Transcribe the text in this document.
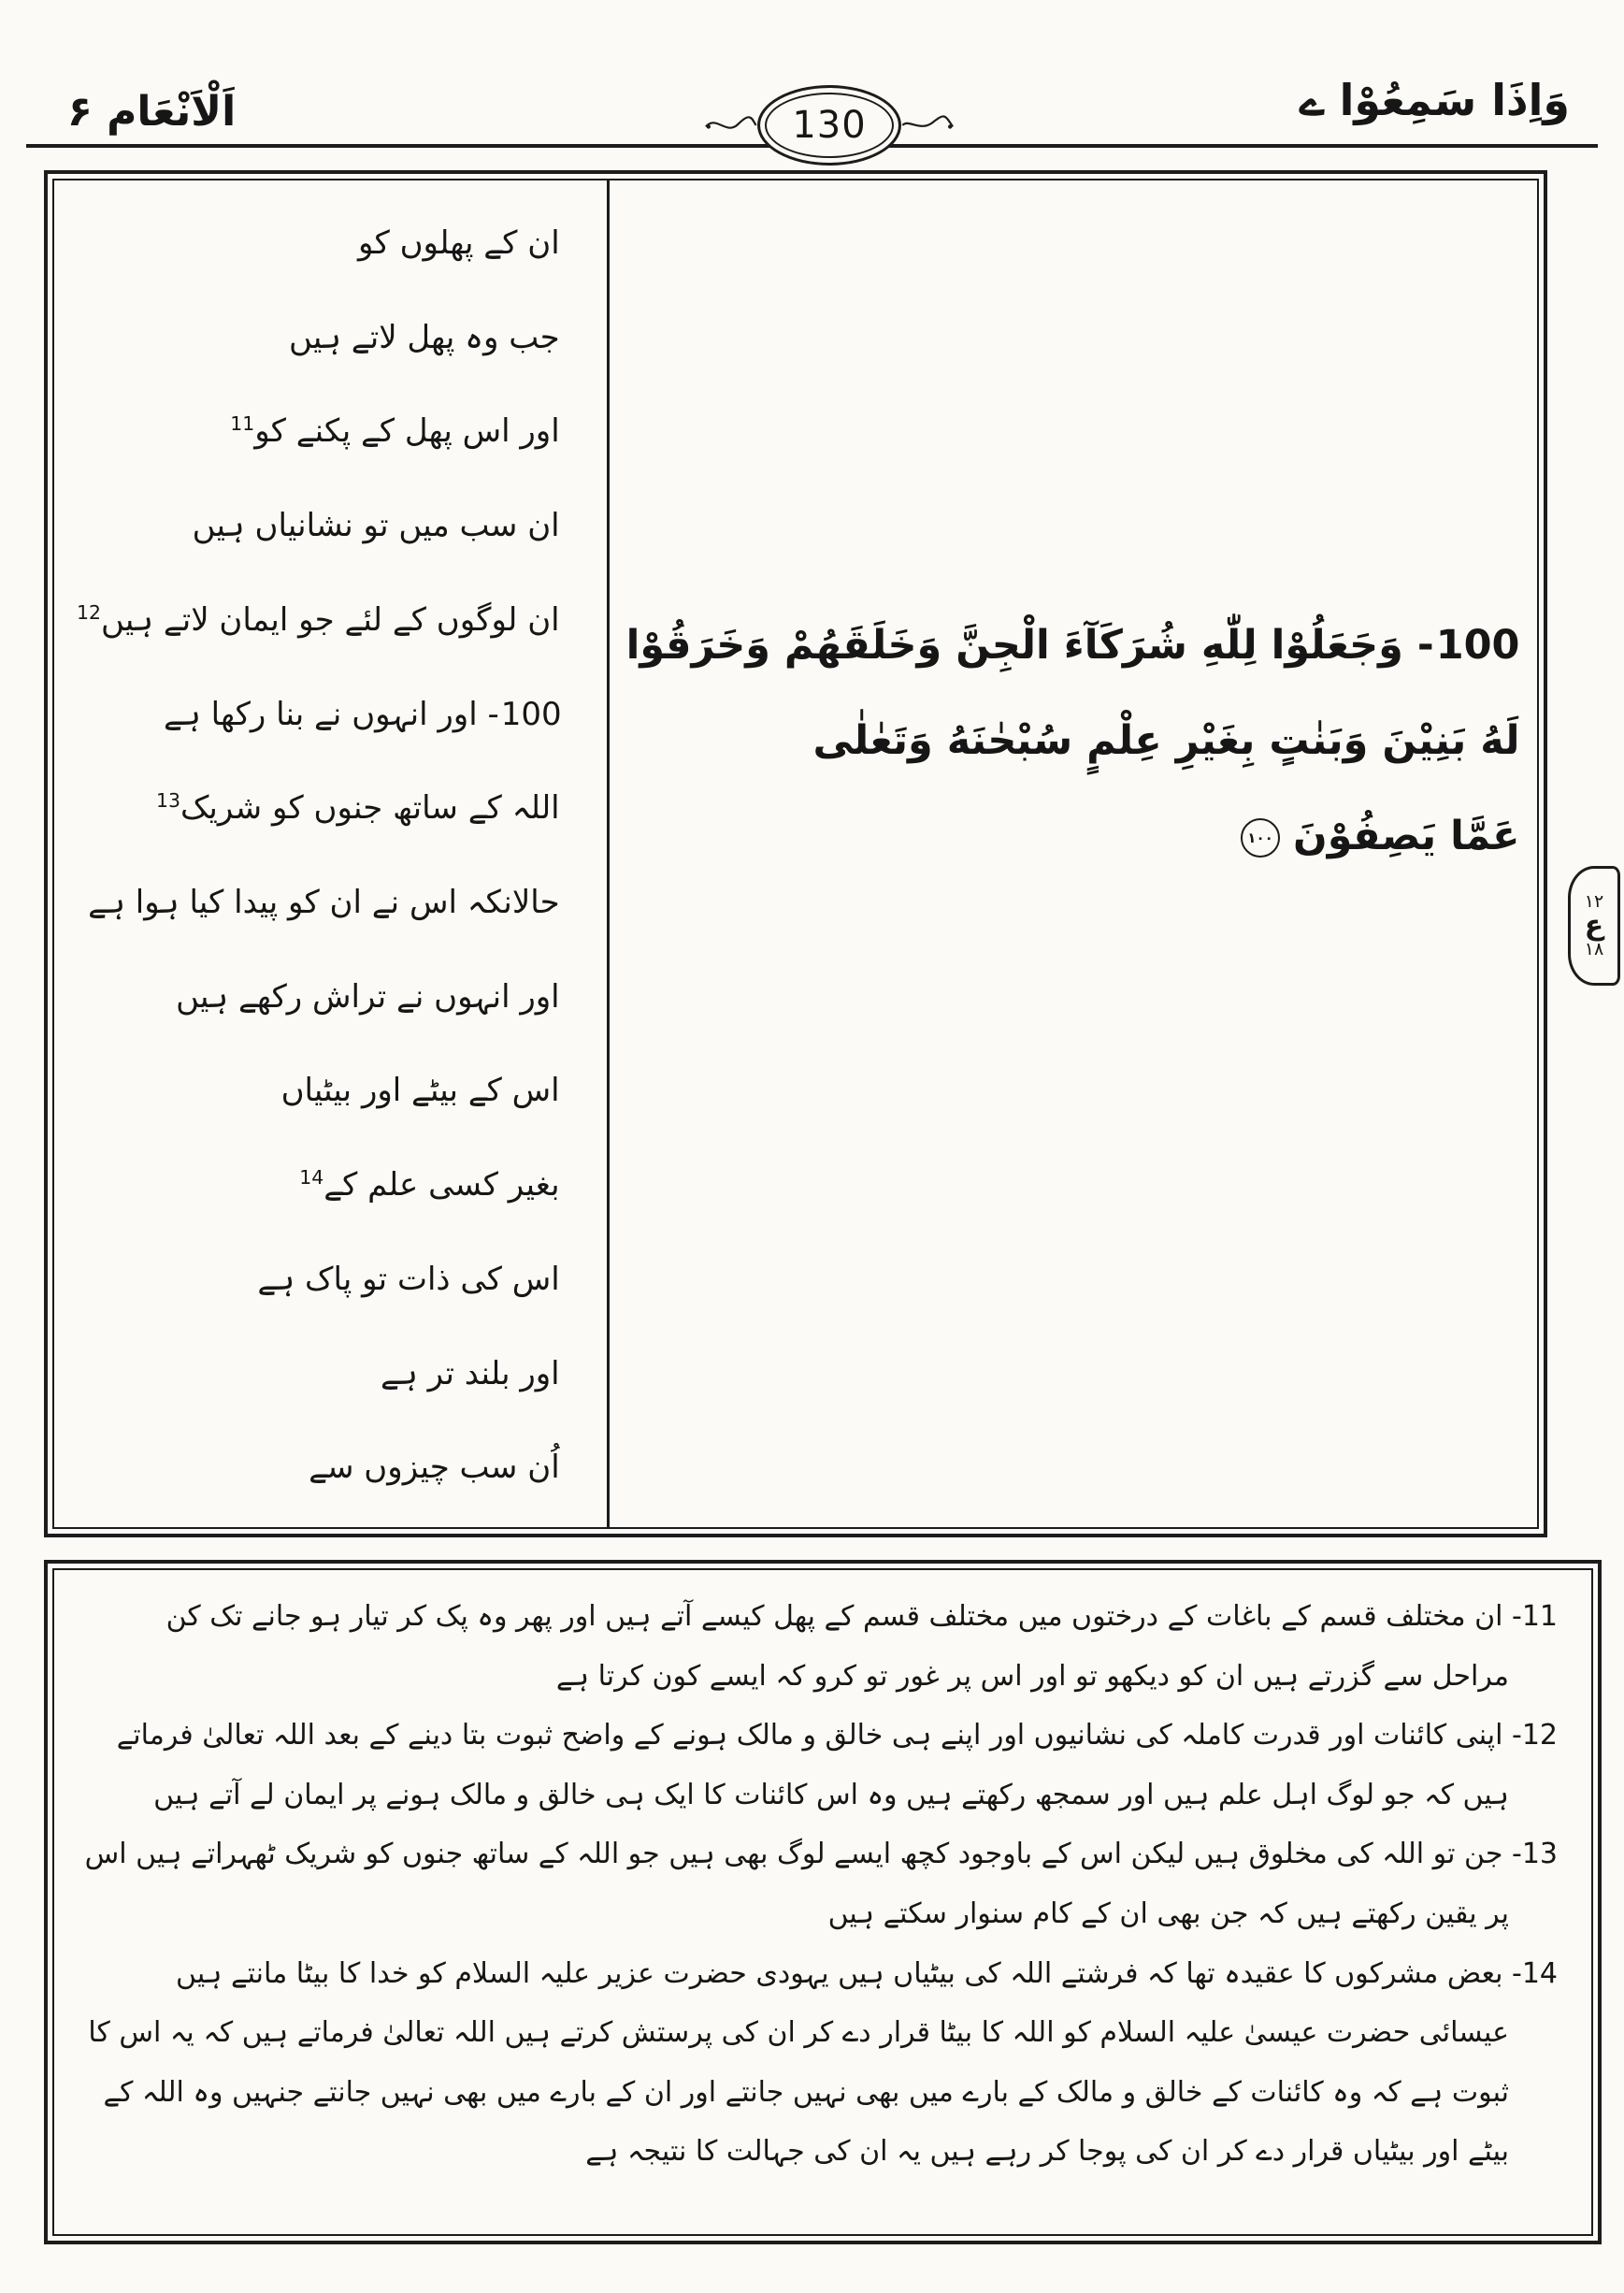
اَلْاَنْعَام ۶	وَاِذَا سَمِعُوْا ے
130
ان کے پھلوں کو
جب وہ پھل لاتے ہیں
اور اس پھل کے پکنے کو$^{11}$
ان سب میں تو نشانیاں ہیں
ان لوگوں کے لئے جو ایمان لاتے ہیں$^{12}$
100- اور انہوں نے بنا رکھا ہے
اللہ کے ساتھ جنوں کو شریک$^{13}$
حالانکہ اس نے ان کو پیدا کیا ہوا ہے
اور انہوں نے تراش رکھے ہیں
اس کے بیٹے اور بیٹیاں
بغیر کسی علم کے$^{14}$
اس کی ذات تو پاک ہے
اور بلند تر ہے
اُن سب چیزوں سے
100- وَجَعَلُوْا لِلّٰهِ شُرَكَآءَ الْجِنَّ وَخَلَقَهُمْ وَخَرَقُوْا
لَهُ بَنِيْنَ وَبَنٰتٍ بِغَيْرِ عِلْمٍ سُبْحٰنَهُ وَتَعٰلٰى
عَمَّا يَصِفُوْنَ
۱۰۰
۱۲
ع
۱۸

11- ان مختلف قسم کے باغات کے درختوں میں مختلف قسم کے پھل کیسے آتے ہیں اور پھر وہ پک کر تیار ہو جانے تک کن مراحل سے گزرتے ہیں ان کو دیکھو تو اور اس پر غور تو کرو کہ ایسے کون کرتا ہے

12- اپنی کائنات اور قدرت کاملہ کی نشانیوں اور اپنے ہی خالق و مالک ہونے کے واضح ثبوت بتا دینے کے بعد اللہ تعالیٰ فرماتے ہیں کہ جو لوگ اہل علم ہیں اور سمجھ رکھتے ہیں وہ اس کائنات کا ایک ہی خالق و مالک ہونے پر ایمان لے آتے ہیں

13- جن تو اللہ کی مخلوق ہیں لیکن اس کے باوجود کچھ ایسے لوگ بھی ہیں جو اللہ کے ساتھ جنوں کو شریک ٹھہراتے ہیں اس پر یقین رکھتے ہیں کہ جن بھی ان کے کام سنوار سکتے ہیں

14- بعض مشرکوں کا عقیدہ تھا کہ فرشتے اللہ کی بیٹیاں ہیں یہودی حضرت عزیر علیہ السلام کو خدا کا بیٹا مانتے ہیں عیسائی حضرت عیسیٰ علیہ السلام کو اللہ کا بیٹا قرار دے کر ان کی پرستش کرتے ہیں اللہ تعالیٰ فرماتے ہیں کہ یہ اس کا ثبوت ہے کہ وہ کائنات کے خالق و مالک کے بارے میں بھی نہیں جانتے اور ان کے بارے میں بھی نہیں جانتے جنہیں وہ اللہ کے بیٹے اور بیٹیاں قرار دے کر ان کی پوجا کر رہے ہیں یہ ان کی جہالت کا نتیجہ ہے
